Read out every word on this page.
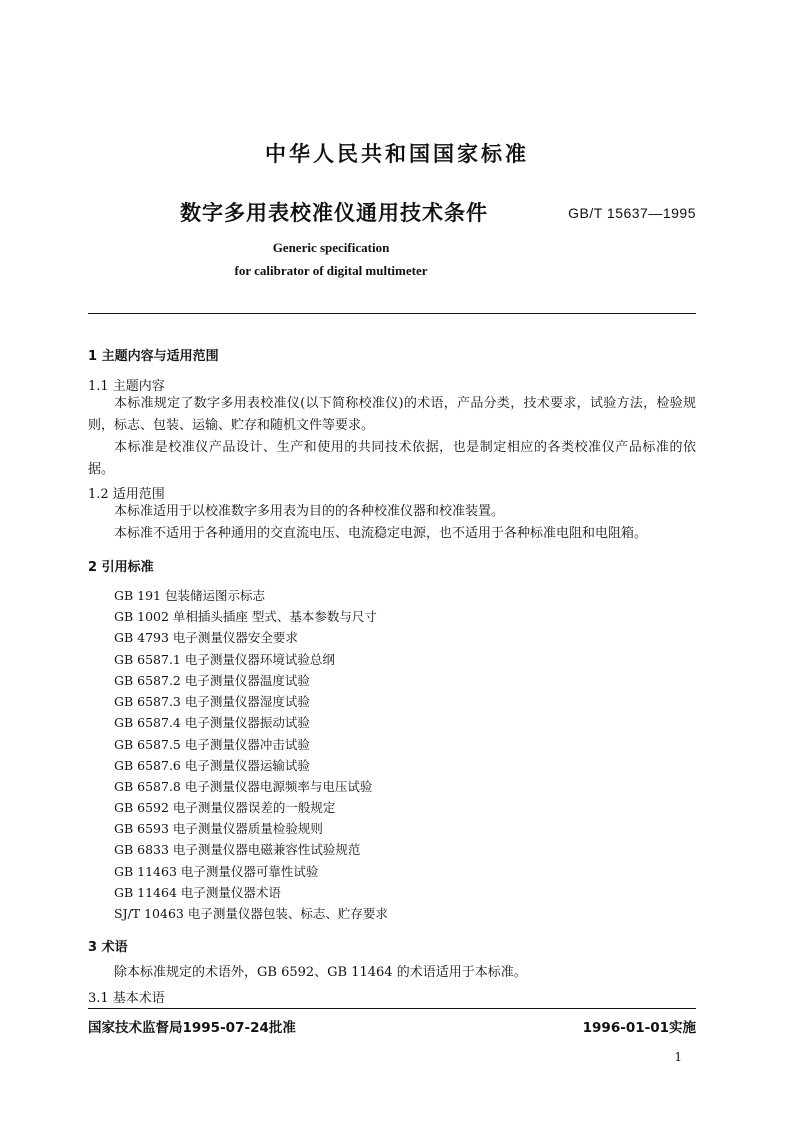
中华人民共和国国家标准
数字多用表校准仪通用技术条件	GB/T 15637—1995
Generic specification
for calibrator of digital multimeter
1 主题内容与适用范围
1.1 主题内容
本标准规定了数字多用表校准仪(以下简称校准仪)的术语，产品分类，技术要求，试验方法，检验规则，标志、包装、运输、贮存和随机文件等要求。
本标准是校准仪产品设计、生产和使用的共同技术依据，也是制定相应的各类校准仪产品标准的依据。
1.2 适用范围
本标准适用于以校准数字多用表为目的的各种校准仪器和校准装置。
本标准不适用于各种通用的交直流电压、电流稳定电源，也不适用于各种标准电阻和电阻箱。
2 引用标准
GB 191 包装储运图示标志
GB 1002 单相插头插座 型式、基本参数与尺寸
GB 4793 电子测量仪器安全要求
GB 6587.1 电子测量仪器环境试验总纲
GB 6587.2 电子测量仪器温度试验
GB 6587.3 电子测量仪器湿度试验
GB 6587.4 电子测量仪器振动试验
GB 6587.5 电子测量仪器冲击试验
GB 6587.6 电子测量仪器运输试验
GB 6587.8 电子测量仪器电源频率与电压试验
GB 6592 电子测量仪器误差的一般规定
GB 6593 电子测量仪器质量检验规则
GB 6833 电子测量仪器电磁兼容性试验规范
GB 11463 电子测量仪器可靠性试验
GB 11464 电子测量仪器术语
SJ/T 10463 电子测量仪器包装、标志、贮存要求
3 术语
除本标准规定的术语外，GB 6592、GB 11464 的术语适用于本标准。
3.1 基本术语
国家技术监督局1995-07-24批准	1996-01-01实施
1
